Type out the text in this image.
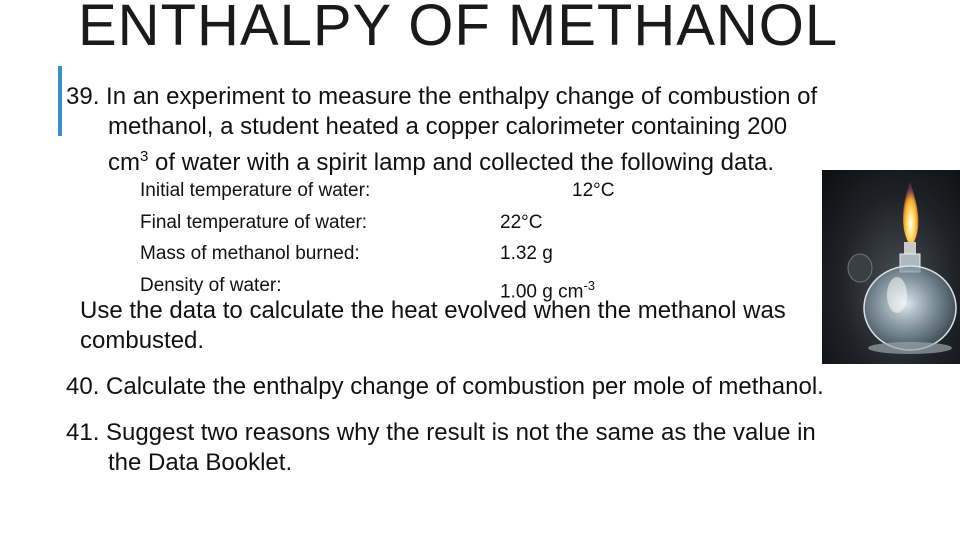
ENTHALPY OF METHANOL
39. In an experiment to measure the enthalpy change of combustion of
methanol, a student heated a copper calorimeter containing 200
$cm^3$ of water with a spirit lamp and collected the following data.
Initial temperature of water:	12°C
Final temperature of water:	22°C
Mass of methanol burned:	1.32 g
Density of water:	1.00 g $cm^{-3}$
Use the data to calculate the heat evolved when the methanol was
combusted.
40. Calculate the enthalpy change of combustion per mole of methanol.
41. Suggest two reasons why the result is not the same as the value in
the Data Booklet.
